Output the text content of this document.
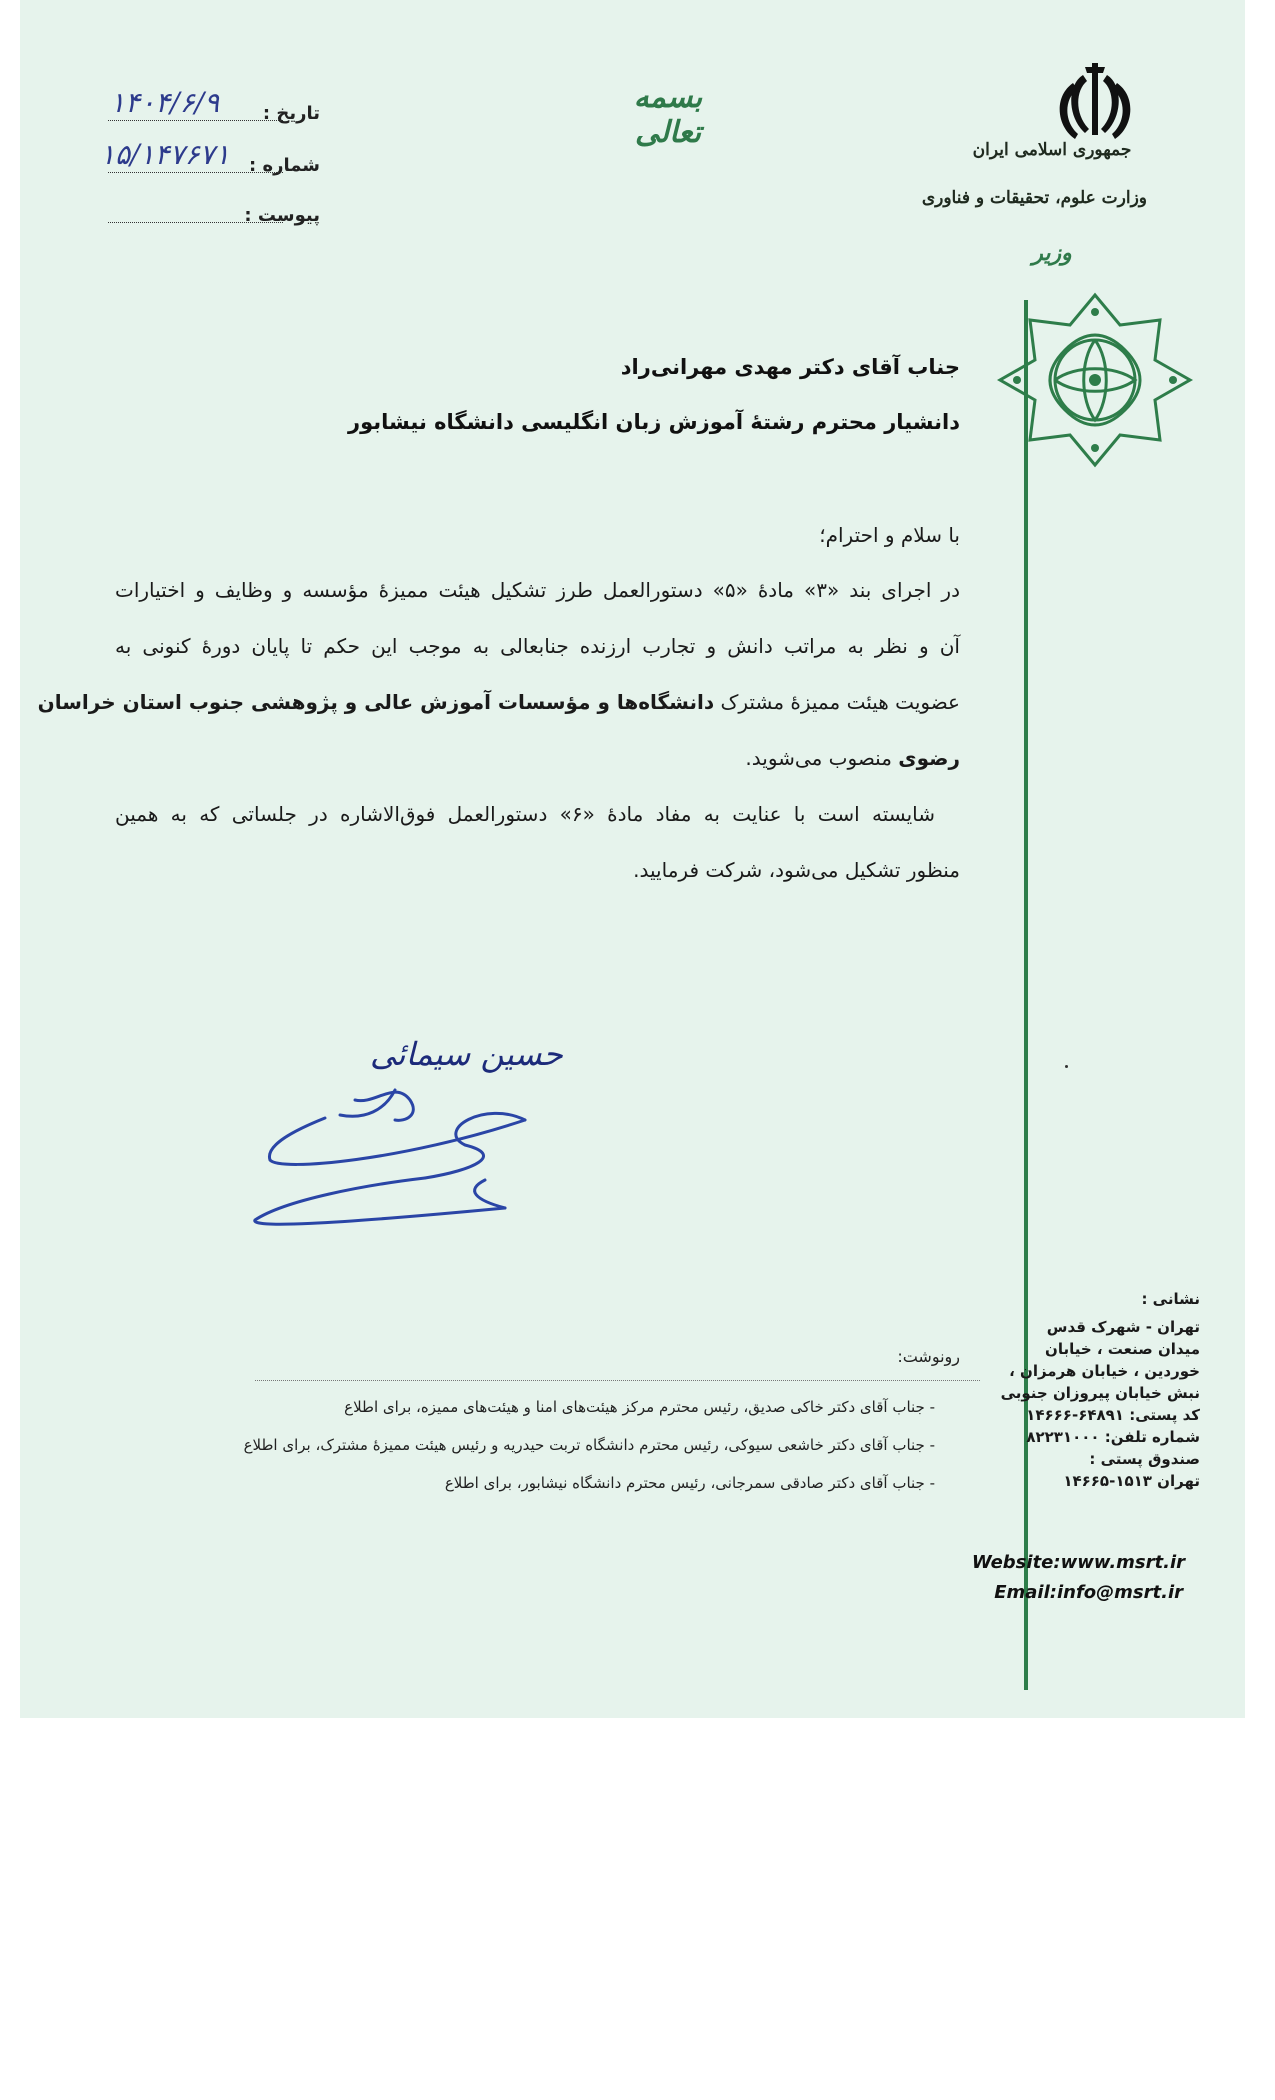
بسمه تعالی
تاریخ :
۱۴۰۴/۶/۹
شماره :
۱۵/۱۴۷۶۷۱
پیوست :
جمهوری اسلامی ایران
وزارت علوم، تحقیقات و فناوری
وزیر
جناب آقای دکتر مهدی مهرانی‌راد
دانشیار محترم رشتهٔ آموزش زبان انگلیسی دانشگاه نیشابور
با سلام و احترام؛
در اجرای بند «۳» مادهٔ «۵» دستورالعمل طرز تشکیل هیئت ممیزهٔ مؤسسه و وظایف و اختیارات
آن و نظر به مراتب دانش و تجارب ارزنده جنابعالی به موجب این حکم تا پایان دورهٔ کنونی به
عضویت هیئت ممیزهٔ مشترک دانشگاه‌ها و مؤسسات آموزش عالی و پژوهشی جنوب استان خراسان
رضوی منصوب می‌شوید.
شایسته است با عنایت به مفاد مادهٔ «۶» دستورالعمل فوق‌الاشاره در جلساتی که به همین
منظور تشکیل می‌شود، شرکت فرمایید.
حسین سیمائی
رونوشت:
- جناب آقای دکتر خاکی صدیق، رئیس محترم مرکز هیئت‌های امنا و هیئت‌های ممیزه، برای اطلاع
- جناب آقای دکتر خاشعی سیوکی، رئیس محترم دانشگاه تربت حیدریه و رئیس هیئت ممیزهٔ مشترک، برای اطلاع
- جناب آقای دکتر صادقی سمرجانی، رئیس محترم دانشگاه نیشابور، برای اطلاع
نشانی :
تهران - شهرک قدس
میدان صنعت ، خیابان
خوردین ، خیابان هرمزان ،
نبش خیابان پیروزان جنوبی
کد پستی: ۶۴۸۹۱-۱۴۶۶۶
شماره تلفن: ۸۲۲۳۱۰۰۰
صندوق پستی :
تهران ۱۵۱۳-۱۴۶۶۵
Website:www.msrt.ir
Email:info@msrt.ir
